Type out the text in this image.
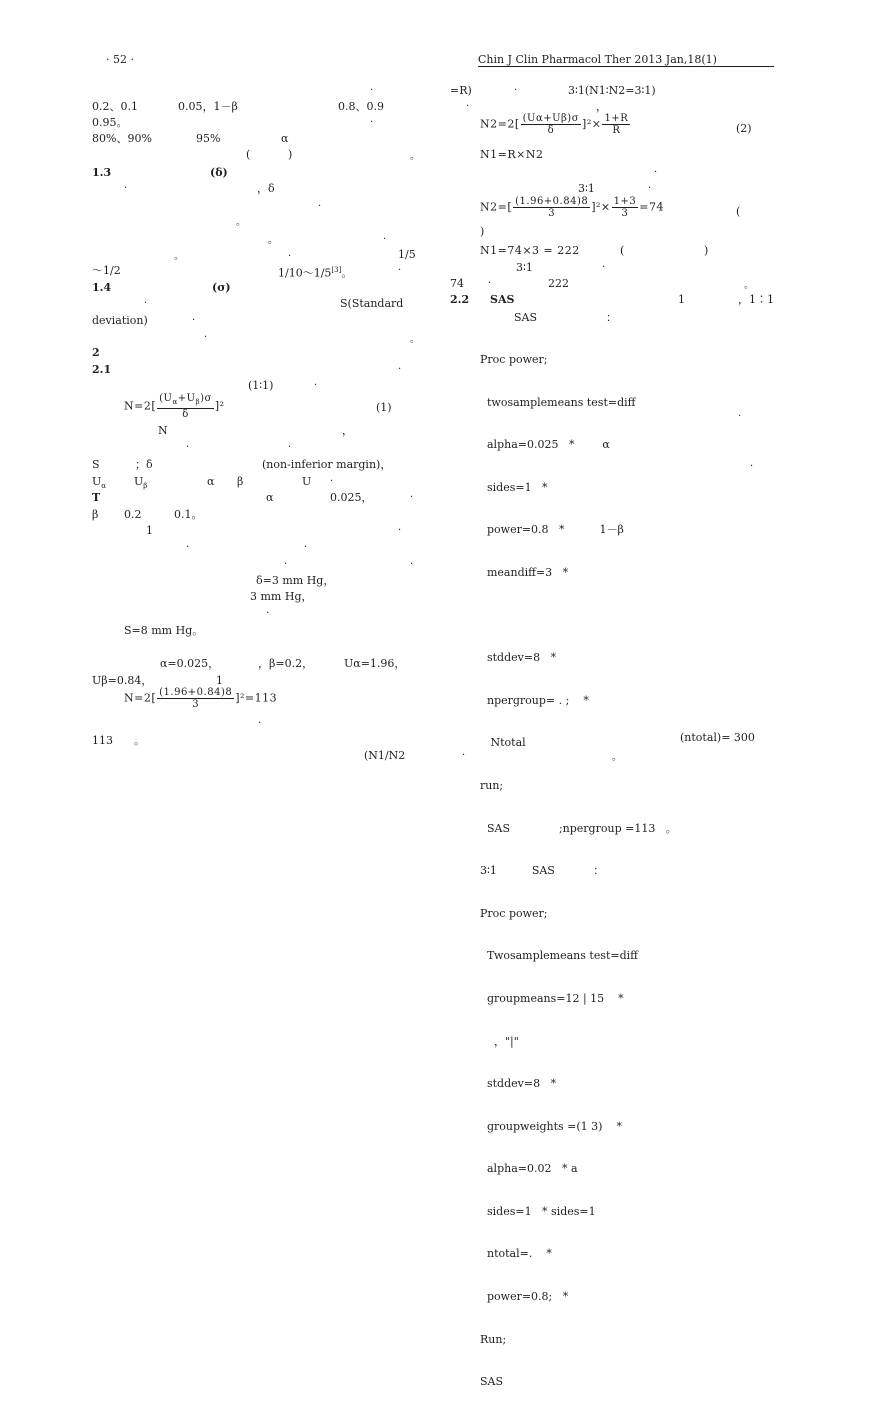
· 52 ·	Chin J Clin Pharmacol Ther 2013 Jan,18(1)
·
0.2、0.1	0.05，1－β	0.8、0.9
0.95。	·
80%、90%	95%	α
(	)	。
1.3	(δ)
·	，δ
·
。
·
。
。	·	1/5
～1/2	1/10～1/5[3]。	·
1.4	(σ)
·	S(Standard
deviation)	·
·	。
2
2.1	·
(1∶1)	·
$N=2[ \frac{(U_\alpha+U_\beta)\sigma}{\delta} ]^2$	(1)
N	，
·	·
S	；δ	(non-inferior margin)，
$U_\alpha$	$U_\beta$	α β	U ·
T	α	0.025，	·
β 0.2	0.1。
1	·
·	·
·	·
δ=3 mm Hg，
3 mm Hg，
·
S=8 mm Hg。
α=0.025，	，β=0.2，	Uα=1.96，
Uβ=0.84，	1
$N=2[ \frac{(1.96+0.84)8}{3} ]^2=113$
·
113 。
(N1/N2
=R)	·	3∶1(N1∶N2=3∶1)
·	，
$N2=2[ \frac{(U\alpha+U\beta)\sigma}{\delta} ]^2\times \frac{1+R}{R}$	(2)
N1=R×N2
·
3∶1	·
$N2=[ \frac{(1.96+0.84)8}{3} ]^2\times \frac{1+3}{3} =74$	(
)
N1=74×3 = 222	(	)
3∶1	·
74 ·	222	。
2.2 SAS	1	，1∶1
SAS	：

Proc power;

twosamplemeans test=diff

alpha=0.025   *        α

sides=1   *

power=0.8   *          1－β

meandiff=3   *

stddev=8   *

npergroup= . ;    *

Ntotal

run;

SAS              ;npergroup =113   。

3∶1          SAS           ：

Proc power;

Twosamplemeans test=diff

groupmeans=12 | 15    *

，"|"

stddev=8   *

groupweights =(1 3)    *

alpha=0.02   * a

sides=1   * sides=1

ntotal=.    *

power=0.8;   *

Run;

SAS

·
·
(ntotal)= 300
·	。
